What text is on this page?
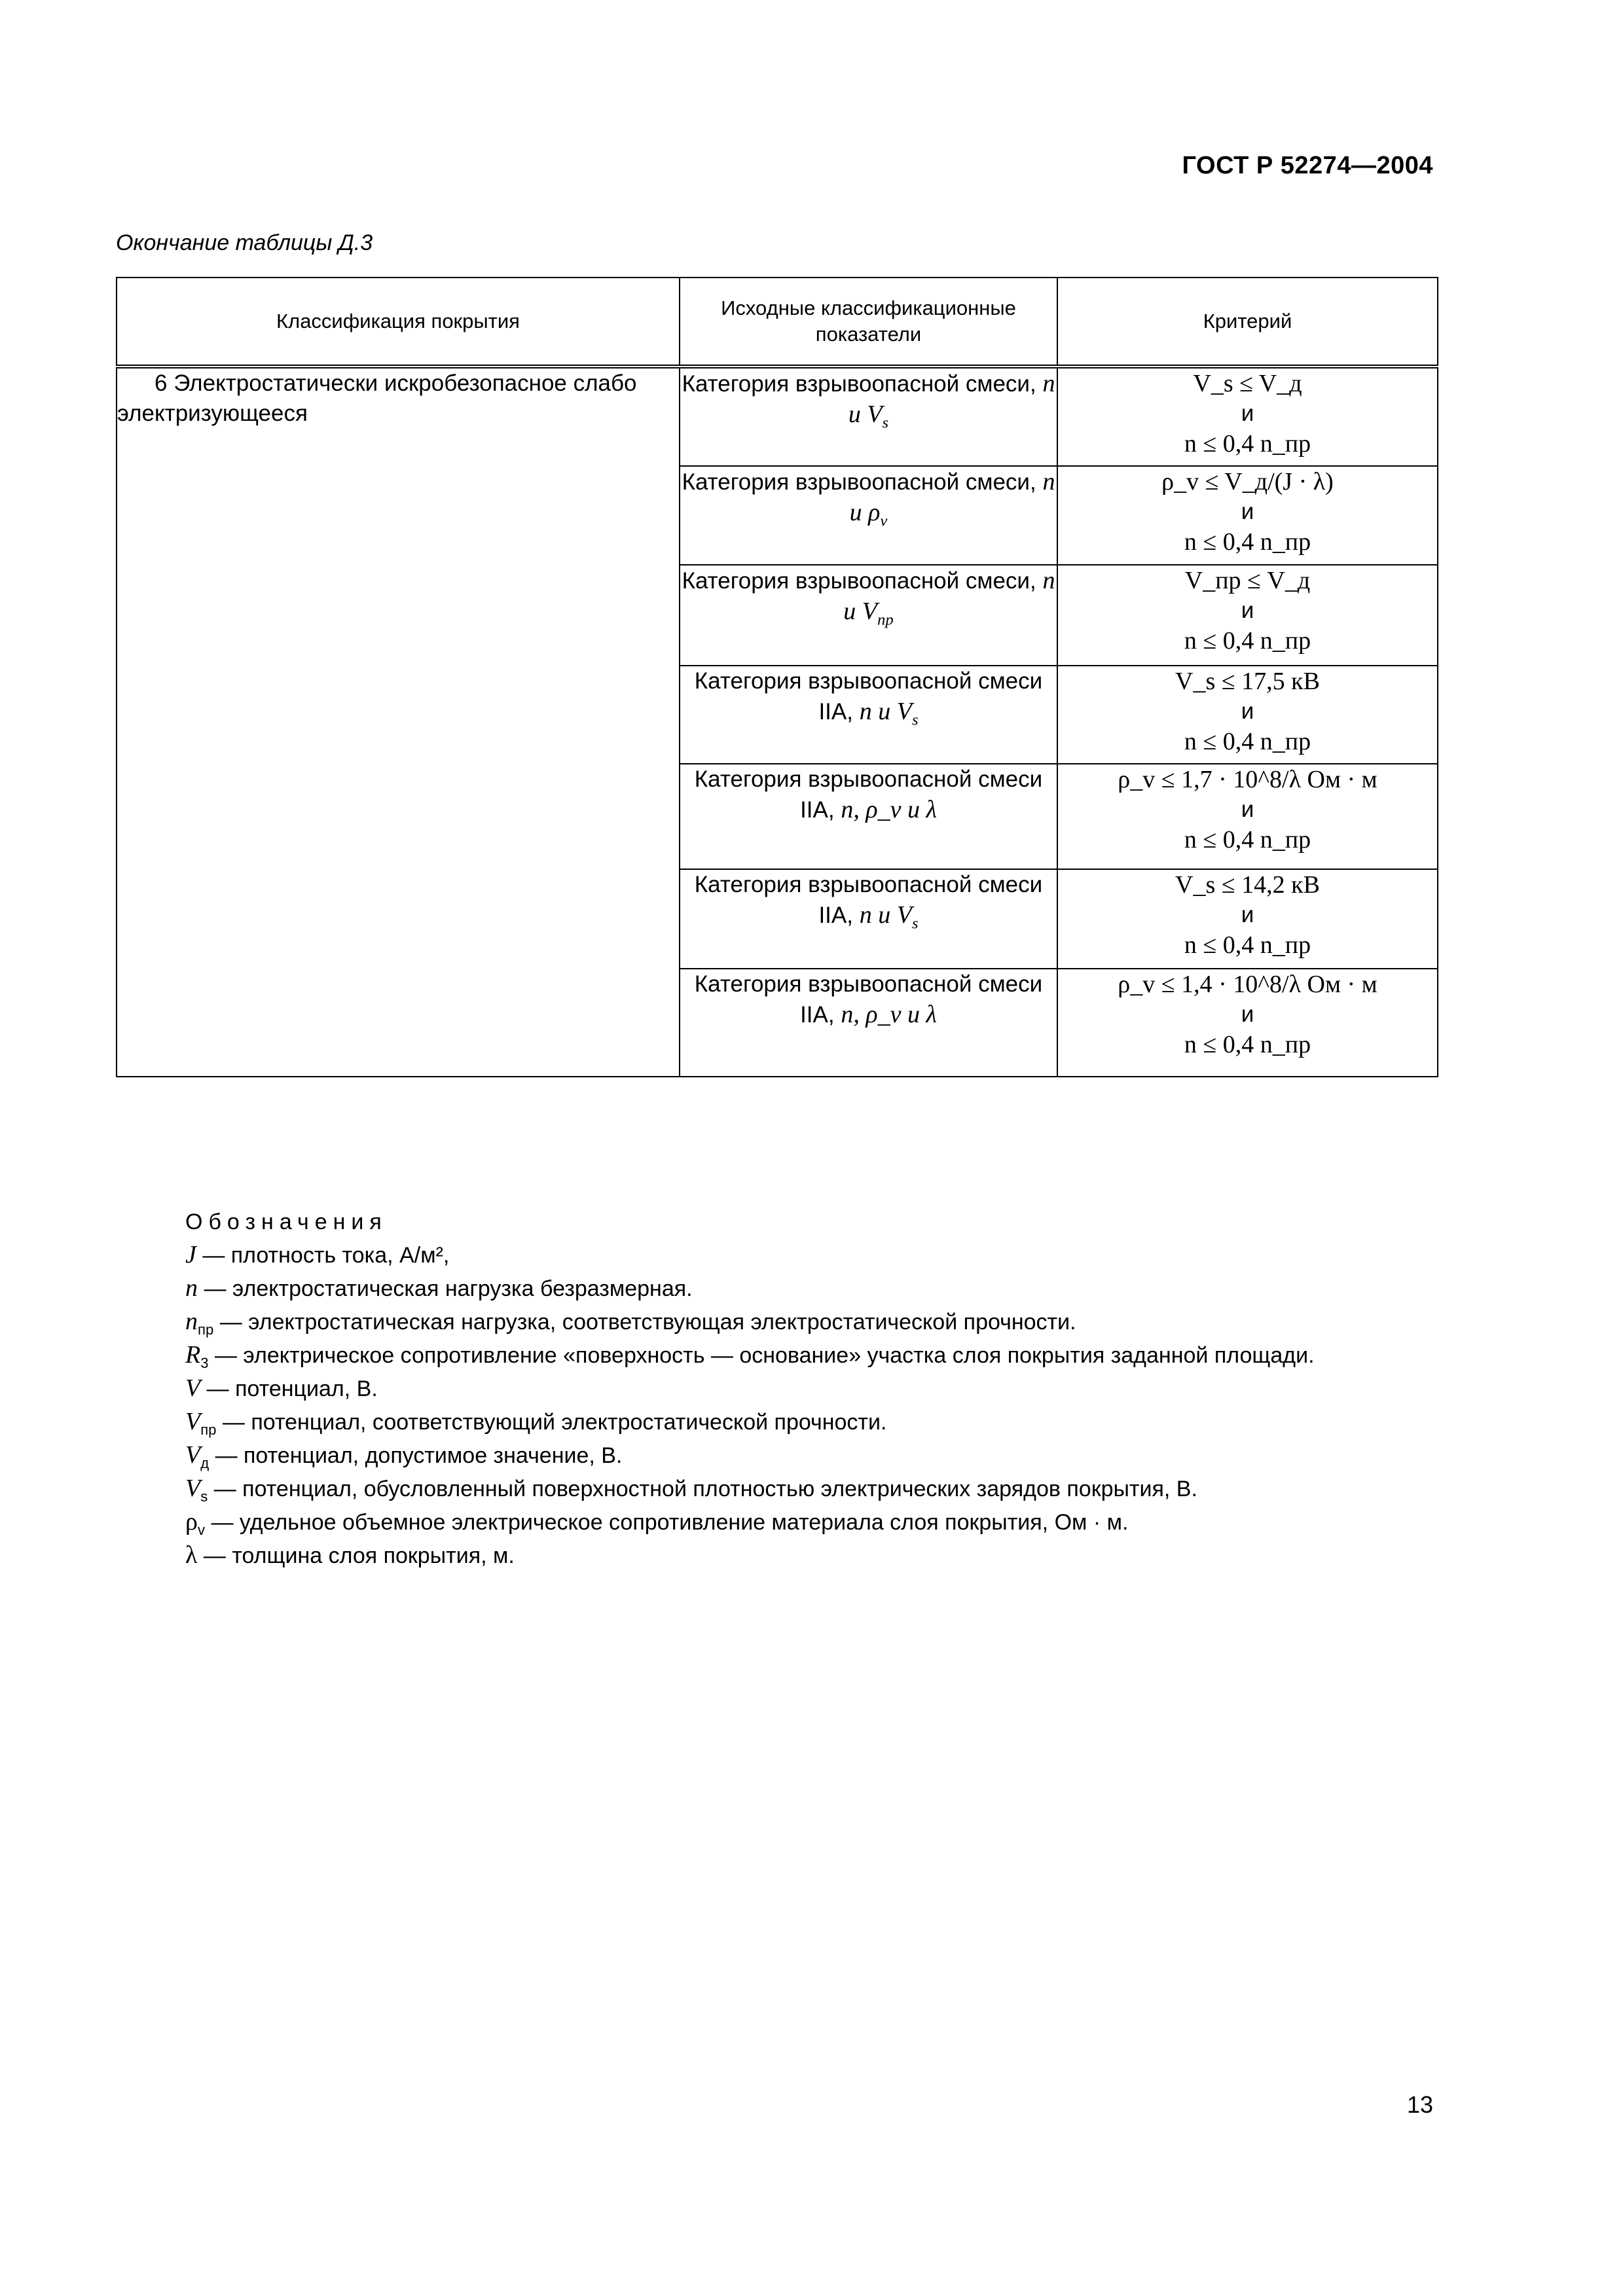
ГОСТ Р 52274—2004
Окончание таблицы Д.3
Классификация покрытия	Исходные классификационные показатели	Критерий
6 Электростатически искробезопасное слабо электризующееся	Категория взрывоопасной смеси, n и $V_s$	V_s ≤ V_д
и
n ≤ 0,4 n_пр

	Категория взрывоопасной смеси, n и $\rho_v$	ρ_v ≤ V_д/(J · λ)
и
n ≤ 0,4 n_пр

	Категория взрывоопасной смеси, n и $V_{пр}$	V_пр ≤ V_д
и
n ≤ 0,4 n_пр

	Категория взрывоопасной смеси IIA, n и $V_s$	V_s ≤ 17,5 кВ
и
n ≤ 0,4 n_пр

	Категория взрывоопасной смеси IIA, n, ρ_v и λ	ρ_v ≤ 1,7 · 10^8/λ Ом · м
и
n ≤ 0,4 n_пр

	Категория взрывоопасной смеси IIA, n и $V_s$	V_s ≤ 14,2 кВ
и
n ≤ 0,4 n_пр

	Категория взрывоопасной смеси IIA, n, ρ_v и λ	ρ_v ≤ 1,4 · 10^8/λ Ом · м
и
n ≤ 0,4 n_пр
Обозначения
J — плотность тока, А/м²,
n — электростатическая нагрузка безразмерная.
$n_{пр}$ — электростатическая нагрузка, соответствующая электростатической прочности.
$R_3$ — электрическое сопротивление «поверхность — основание» участка слоя покрытия заданной площади.
V — потенциал, В.
$V_{пр}$ — потенциал, соответствующий электростатической прочности.
$V_д$ — потенциал, допустимое значение, В.
$V_s$ — потенциал, обусловленный поверхностной плотностью электрических зарядов покрытия, В.
$\rho_v$ — удельное объемное электрическое сопротивление материала слоя покрытия, Ом · м.
λ — толщина слоя покрытия, м.
13
